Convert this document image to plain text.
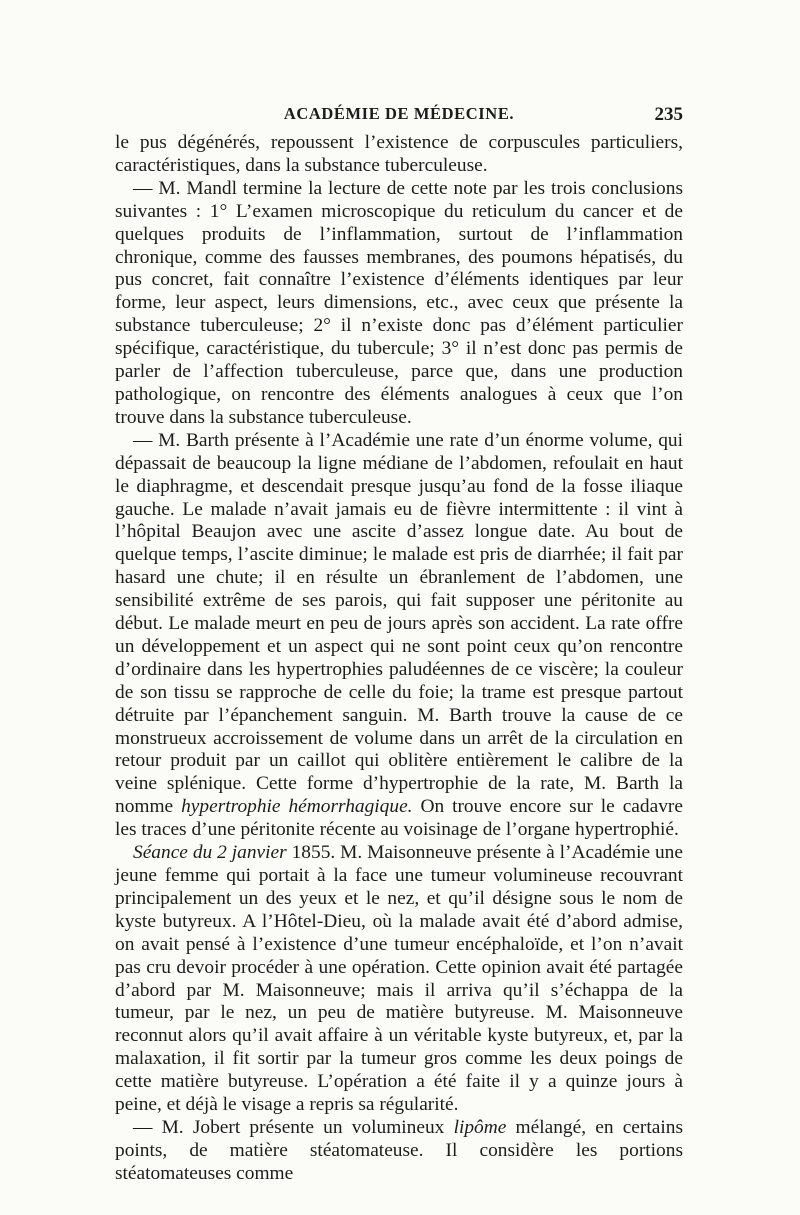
ACADÉMIE DE MÉDECINE.	235

le pus dégénérés, repoussent l’existence de corpuscules particuliers, caractéristiques, dans la substance tuberculeuse.

— M. Mandl termine la lecture de cette note par les trois conclusions suivantes : 1° L’examen microscopique du reticulum du cancer et de quelques produits de l’inflammation, surtout de l’inflammation chronique, comme des fausses membranes, des poumons hépatisés, du pus concret, fait connaître l’existence d’éléments identiques par leur forme, leur aspect, leurs dimensions, etc., avec ceux que présente la substance tuberculeuse; 2° il n’existe donc pas d’élément particulier spécifique, caractéristique, du tubercule; 3° il n’est donc pas permis de parler de l’affection tuberculeuse, parce que, dans une production pathologique, on rencontre des éléments analogues à ceux que l’on trouve dans la substance tuberculeuse.

— M. Barth présente à l’Académie une rate d’un énorme volume, qui dépassait de beaucoup la ligne médiane de l’abdomen, refoulait en haut le diaphragme, et descendait presque jusqu’au fond de la fosse iliaque gauche. Le malade n’avait jamais eu de fièvre intermittente : il vint à l’hôpital Beaujon avec une ascite d’assez longue date. Au bout de quelque temps, l’ascite diminue; le malade est pris de diarrhée; il fait par hasard une chute; il en résulte un ébranlement de l’abdomen, une sensibilité extrême de ses parois, qui fait supposer une péritonite au début. Le malade meurt en peu de jours après son accident. La rate offre un développement et un aspect qui ne sont point ceux qu’on rencontre d’ordinaire dans les hypertrophies paludéennes de ce viscère; la couleur de son tissu se rapproche de celle du foie; la trame est presque partout détruite par l’épanchement sanguin. M. Barth trouve la cause de ce monstrueux accroissement de volume dans un arrêt de la circulation en retour produit par un caillot qui oblitère entièrement le calibre de la veine splénique. Cette forme d’hypertrophie de la rate, M. Barth la nomme hypertrophie hémorrhagique. On trouve encore sur le cadavre les traces d’une péritonite récente au voisinage de l’organe hypertrophié.

Séance du 2 janvier 1855. M. Maisonneuve présente à l’Académie une jeune femme qui portait à la face une tumeur volumineuse recouvrant principalement un des yeux et le nez, et qu’il désigne sous le nom de kyste butyreux. A l’Hôtel-Dieu, où la malade avait été d’abord admise, on avait pensé à l’existence d’une tumeur encéphaloïde, et l’on n’avait pas cru devoir procéder à une opération. Cette opinion avait été partagée d’abord par M. Maisonneuve; mais il arriva qu’il s’échappa de la tumeur, par le nez, un peu de matière butyreuse. M. Maisonneuve reconnut alors qu’il avait affaire à un véritable kyste butyreux, et, par la malaxation, il fit sortir par la tumeur gros comme les deux poings de cette matière butyreuse. L’opération a été faite il y a quinze jours à peine, et déjà le visage a repris sa régularité.

— M. Jobert présente un volumineux lipôme mélangé, en certains points, de matière stéatomateuse. Il considère les portions stéatomateuses comme
